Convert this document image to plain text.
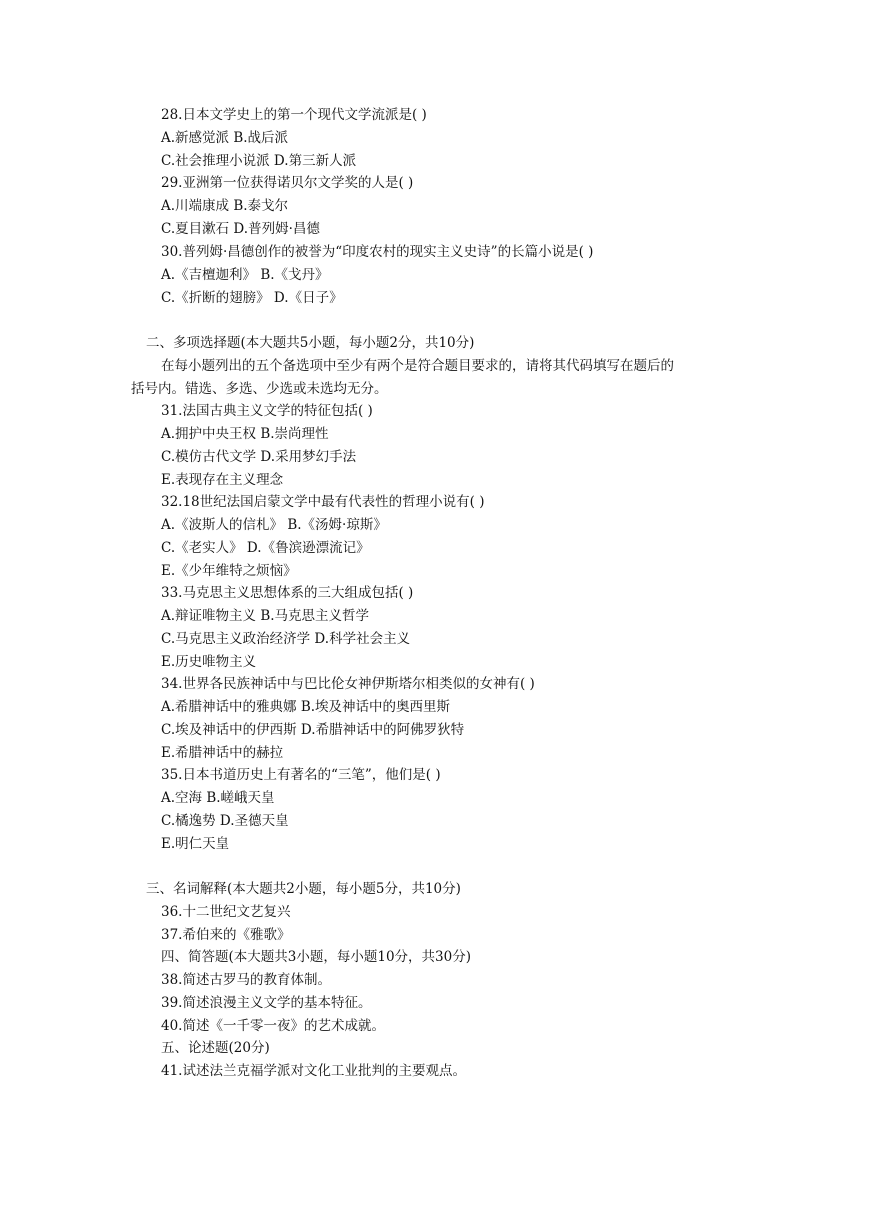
28.日本文学史上的第一个现代文学流派是( )
A.新感觉派 B.战后派
C.社会推理小说派 D.第三新人派
29.亚洲第一位获得诺贝尔文学奖的人是( )
A.川端康成 B.泰戈尔
C.夏目漱石 D.普列姆·昌德
30.普列姆·昌德创作的被誉为“印度农村的现实主义史诗”的长篇小说是( )
A.《吉檀迦利》 B.《戈丹》
C.《折断的翅膀》 D.《日子》
二、多项选择题(本大题共5小题，每小题2分，共10分)
在每小题列出的五个备选项中至少有两个是符合题目要求的，请将其代码填写在题后的
括号内。错选、多选、少选或未选均无分。
31.法国古典主义文学的特征包括( )
A.拥护中央王权 B.崇尚理性
C.模仿古代文学 D.采用梦幻手法
E.表现存在主义理念
32.18世纪法国启蒙文学中最有代表性的哲理小说有( )
A.《波斯人的信札》 B.《汤姆·琼斯》
C.《老实人》 D.《鲁滨逊漂流记》
E.《少年维特之烦恼》
33.马克思主义思想体系的三大组成包括( )
A.辩证唯物主义 B.马克思主义哲学
C.马克思主义政治经济学 D.科学社会主义
E.历史唯物主义
34.世界各民族神话中与巴比伦女神伊斯塔尔相类似的女神有( )
A.希腊神话中的雅典娜 B.埃及神话中的奥西里斯
C.埃及神话中的伊西斯 D.希腊神话中的阿佛罗狄特
E.希腊神话中的赫拉
35.日本书道历史上有著名的“三笔”，他们是( )
A.空海 B.嵯峨天皇
C.橘逸势 D.圣德天皇
E.明仁天皇
三、名词解释(本大题共2小题，每小题5分，共10分)
36.十二世纪文艺复兴
37.希伯来的《雅歌》
四、简答题(本大题共3小题，每小题10分，共30分)
38.简述古罗马的教育体制。
39.简述浪漫主义文学的基本特征。
40.简述《一千零一夜》的艺术成就。
五、论述题(20分)
41.试述法兰克福学派对文化工业批判的主要观点。
